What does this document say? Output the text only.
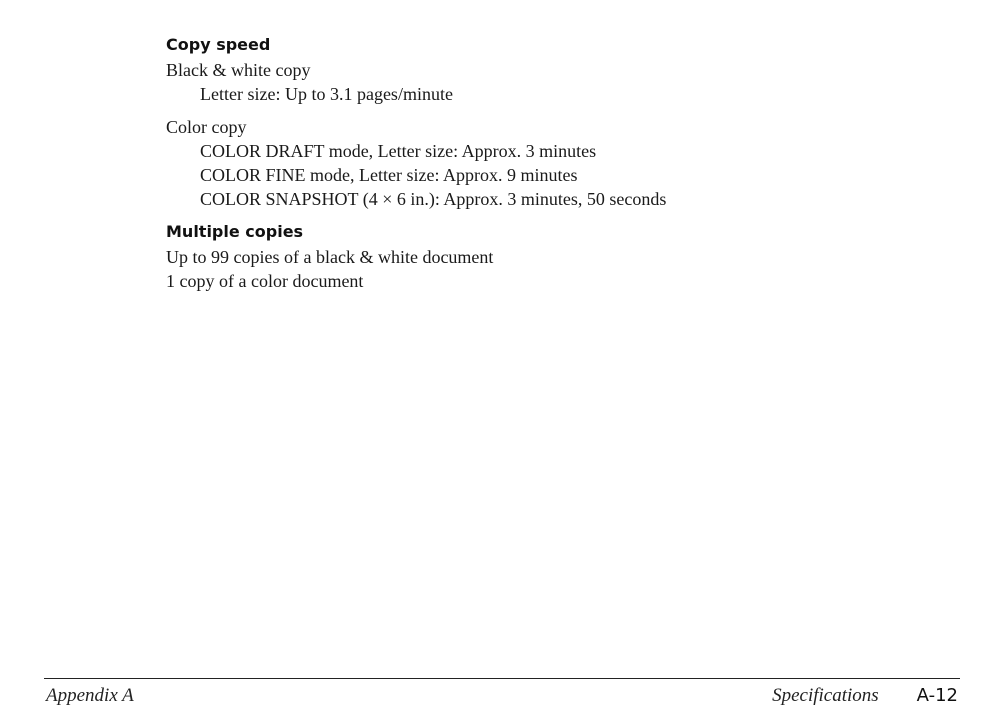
Copy speed

Black & white copy

Letter size: Up to 3.1 pages/minute

Color copy

COLOR DRAFT mode, Letter size: Approx. 3 minutes

COLOR FINE mode, Letter size: Approx. 9 minutes

COLOR SNAPSHOT (4 × 6 in.): Approx. 3 minutes, 50 seconds

Multiple copies

Up to 99 copies of a black & white document

1 copy of a color document

Appendix A	Specifications A-12
